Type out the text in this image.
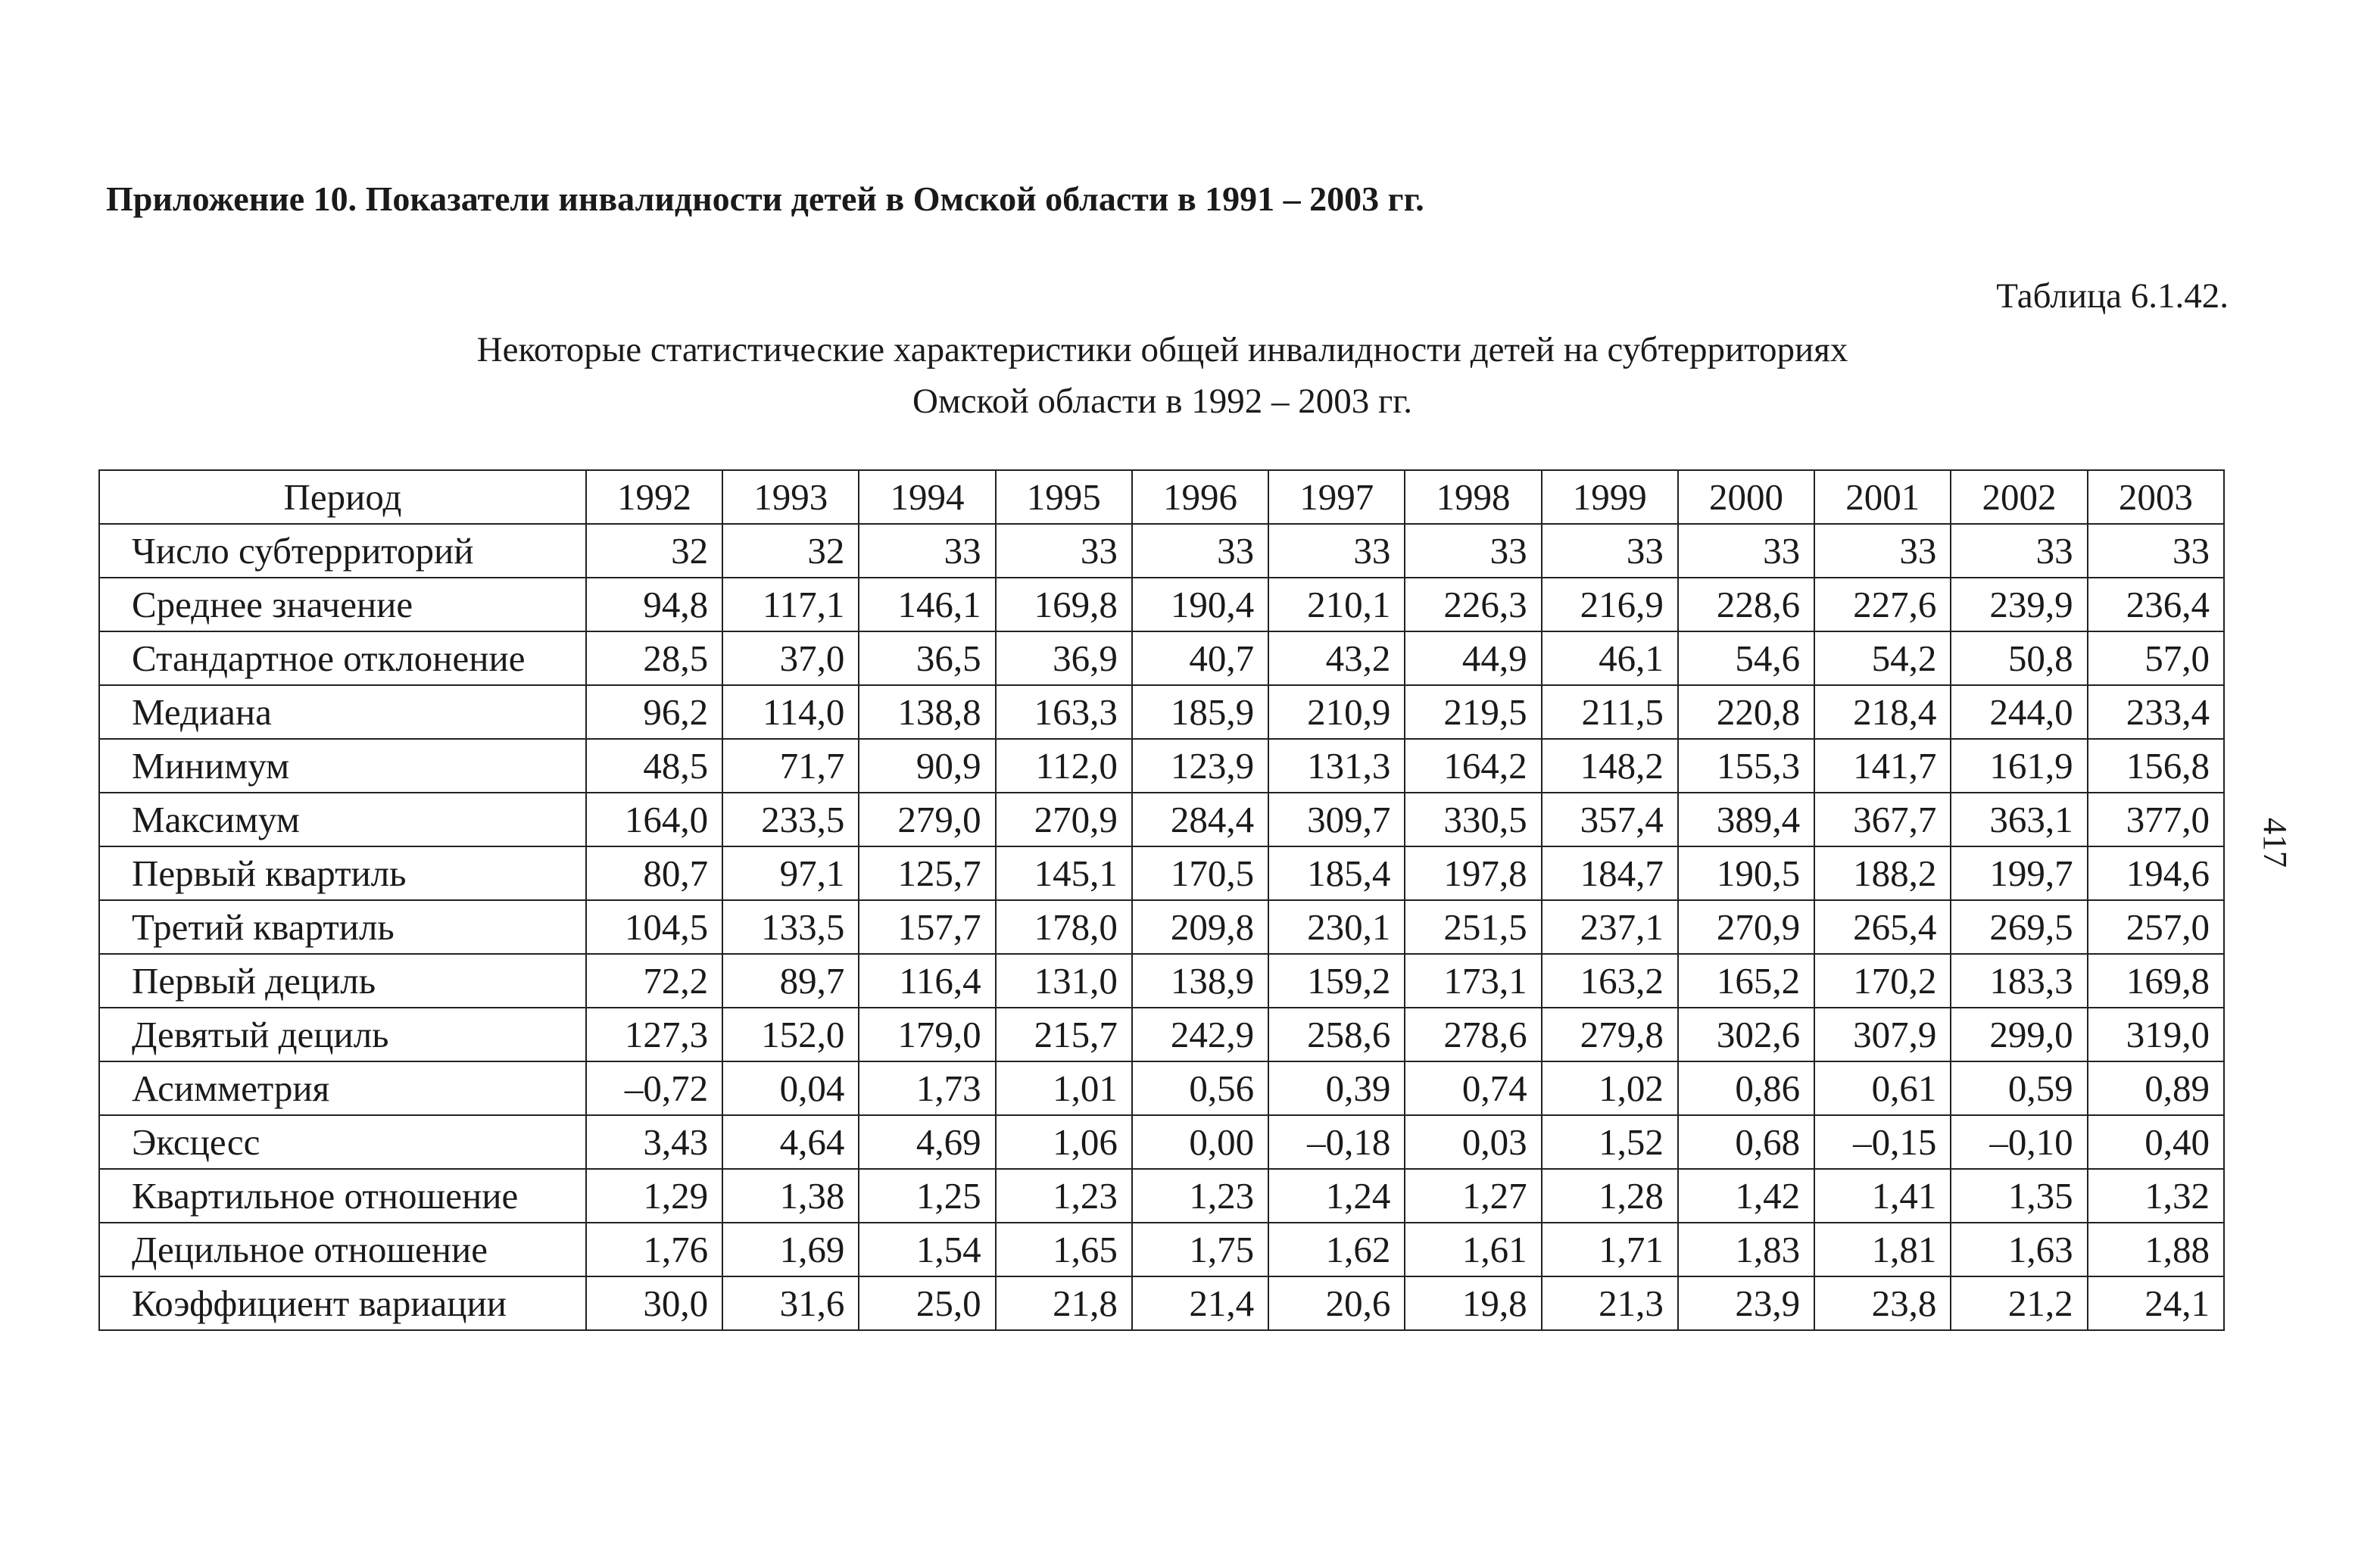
Приложение 10. Показатели инвалидности детей в Омской области в 1991 – 2003 гг.
Таблица 6.1.42.
Некоторые статистические характеристики общей инвалидности детей на субтерриториях
Омской области в 1992 – 2003 гг.
417
Период	1992	1993	1994	1995	1996	1997	1998	1999	2000	2001	2002	2003
Число субтерриторий	32	32	33	33	33	33	33	33	33	33	33	33
Среднее значение	94,8	117,1	146,1	169,8	190,4	210,1	226,3	216,9	228,6	227,6	239,9	236,4
Стандартное отклонение	28,5	37,0	36,5	36,9	40,7	43,2	44,9	46,1	54,6	54,2	50,8	57,0
Медиана	96,2	114,0	138,8	163,3	185,9	210,9	219,5	211,5	220,8	218,4	244,0	233,4
Минимум	48,5	71,7	90,9	112,0	123,9	131,3	164,2	148,2	155,3	141,7	161,9	156,8
Максимум	164,0	233,5	279,0	270,9	284,4	309,7	330,5	357,4	389,4	367,7	363,1	377,0
Первый квартиль	80,7	97,1	125,7	145,1	170,5	185,4	197,8	184,7	190,5	188,2	199,7	194,6
Третий квартиль	104,5	133,5	157,7	178,0	209,8	230,1	251,5	237,1	270,9	265,4	269,5	257,0
Первый дециль	72,2	89,7	116,4	131,0	138,9	159,2	173,1	163,2	165,2	170,2	183,3	169,8
Девятый дециль	127,3	152,0	179,0	215,7	242,9	258,6	278,6	279,8	302,6	307,9	299,0	319,0
Асимметрия	–0,72	0,04	1,73	1,01	0,56	0,39	0,74	1,02	0,86	0,61	0,59	0,89
Эксцесс	3,43	4,64	4,69	1,06	0,00	–0,18	0,03	1,52	0,68	–0,15	–0,10	0,40
Квартильное отношение	1,29	1,38	1,25	1,23	1,23	1,24	1,27	1,28	1,42	1,41	1,35	1,32
Децильное отношение	1,76	1,69	1,54	1,65	1,75	1,62	1,61	1,71	1,83	1,81	1,63	1,88
Коэффициент вариации	30,0	31,6	25,0	21,8	21,4	20,6	19,8	21,3	23,9	23,8	21,2	24,1
